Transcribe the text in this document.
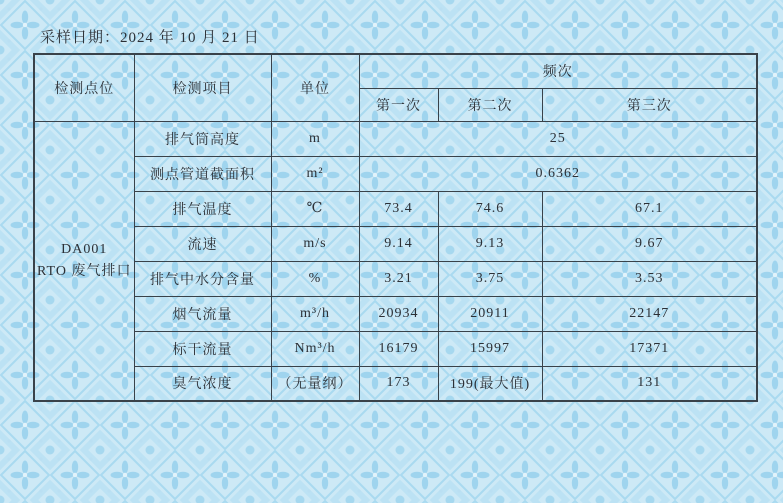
采样日期：2024 年 10 月 21 日
检测点位	检测项目	单位	频次		
			第一次	第二次	第三次

DA001
RTO 废气排口	排气筒高度	m	25		
	测点管道截面积	m²	0.6362		
	排气温度	℃	73.4	74.6	67.1
	流速	m/s	9.14	9.13	9.67
	排气中水分含量	%	3.21	3.75	3.53
	烟气流量	m³/h	20934	20911	22147
	标干流量	Nm³/h	16179	15997	17371
	臭气浓度	（无量纲）	173	199(最大值)	131
